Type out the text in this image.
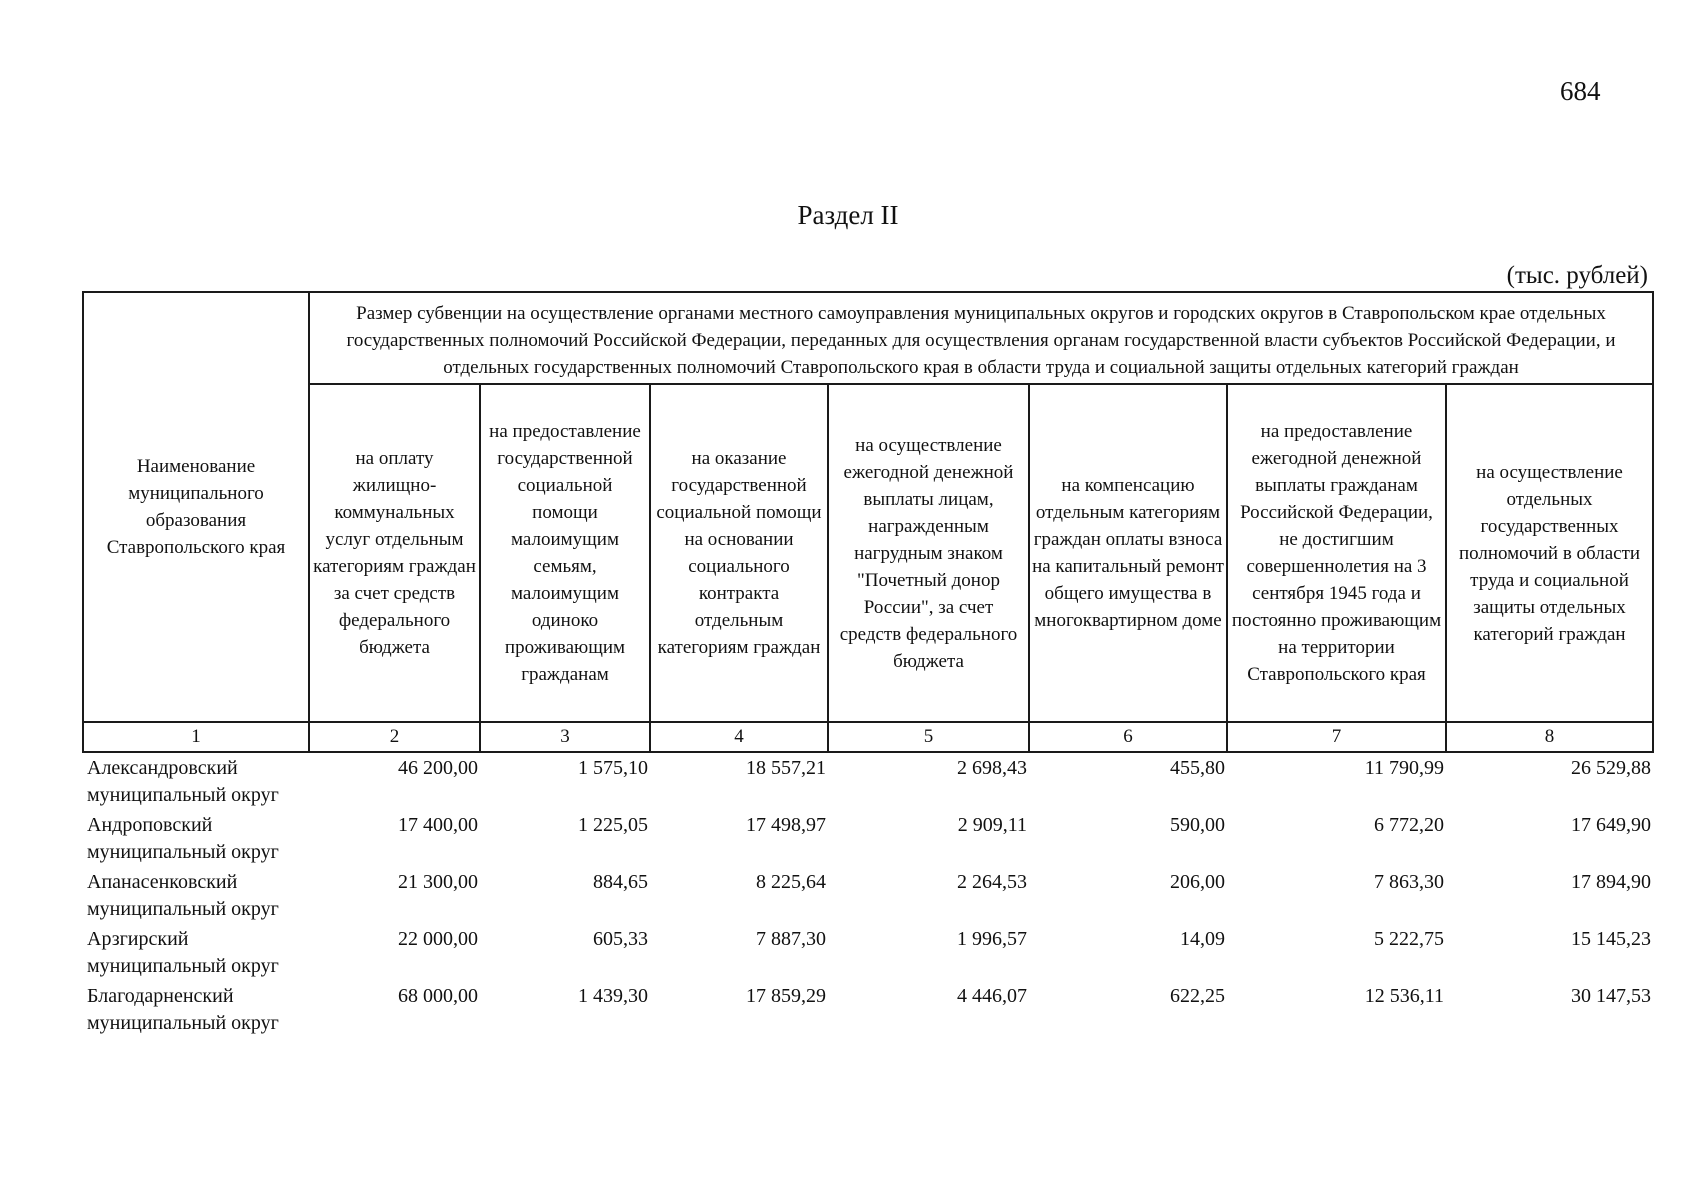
684
Раздел II
(тыс. рублей)
Наименование муниципального образования Ставропольского края	Размер субвенции на осуществление органами местного самоуправления муниципальных округов и городских округов в Ставропольском крае отдельных государственных полномочий Российской Федерации, переданных для осуществления органам государственной власти субъектов Российской Федерации, и отдельных государственных полномочий Ставропольского края в области труда и социальной защиты отдельных категорий граждан						
	на оплату жилищно-коммунальных услуг отдельным категориям граждан за счет средств федерального бюджета	на предоставление государственной социальной помощи малоимущим семьям, малоимущим одиноко проживающим гражданам	на оказание государственной социальной помощи на основании социального контракта отдельным категориям граждан	на осуществление ежегодной денежной выплаты лицам, награжденным нагрудным знаком "Почетный донор России", за счет средств федерального бюджета	на компенсацию отдельным категориям граждан оплаты взноса на капитальный ремонт общего имущества в многоквартирном доме	на предоставление ежегодной денежной выплаты гражданам Российской Федерации, не достигшим совершеннолетия на 3 сентября 1945 года и постоянно проживающим на территории Ставропольского края	на осуществление отдельных государственных полномочий в области труда и социальной защиты отдельных категорий граждан
1	2	3	4	5	6	7	8
Александровский муниципальный округ	46 200,00	1 575,10	18 557,21	2 698,43	455,80	11 790,99	26 529,88
Андроповский муниципальный округ	17 400,00	1 225,05	17 498,97	2 909,11	590,00	6 772,20	17 649,90
Апанасенковский муниципальный округ	21 300,00	884,65	8 225,64	2 264,53	206,00	7 863,30	17 894,90
Арзгирский муниципальный округ	22 000,00	605,33	7 887,30	1 996,57	14,09	5 222,75	15 145,23
Благодарненский муниципальный округ	68 000,00	1 439,30	17 859,29	4 446,07	622,25	12 536,11	30 147,53
